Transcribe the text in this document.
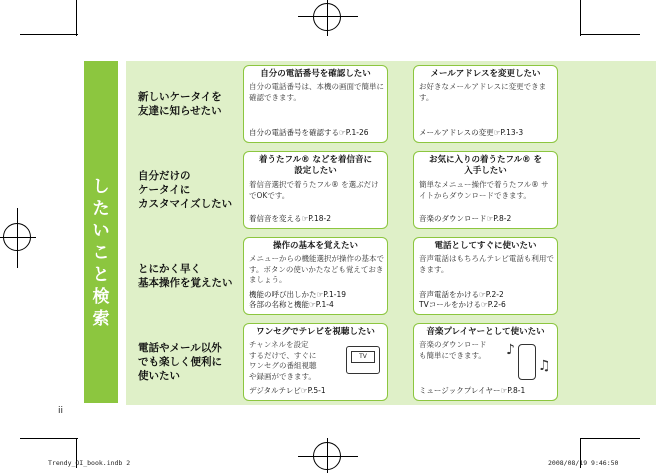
し
た
い
こ
と
検
索
新しいケータイを
友達に知らせたい
自分の電話番号を確認したい
自分の電話番号は、本機の画面で簡単に確認できます。
自分の電話番号を確認する☞P.1-26
メールアドレスを変更したい
お好きなメールアドレスに変更できます。
メールアドレスの変更☞P.13-3
自分だけの
ケータイに
カスタマイズしたい
着うたフル® などを着信音に
設定したい
着信音選択で着うたフル® を選ぶだけでOKです。
着信音を変える☞P.18-2
お気に入りの着うたフル® を
入手したい
簡単なメニュー操作で着うたフル® サイトからダウンロードできます。
音楽のダウンロード☞P.8-2
とにかく早く
基本操作を覚えたい
操作の基本を覚えたい
メニューからの機能選択が操作の基本です。ボタンの使いかたなども覚えておきましょう。
機能の呼び出しかた☞P.1-19
各部の名称と機能☞P.1-4
電話としてすぐに使いたい
音声電話はもちろんテレビ電話も利用できます。
音声電話をかける☞P.2-2
TVコールをかける☞P.2-6
電話やメール以外
でも楽しく便利に
使いたい
ワンセグでテレビを視聴したい
チャンネルを設定
するだけで、すぐに
ワンセグの番組視聴
や録画ができます。
TV
デジタルテレビ☞P.5-1
音楽プレイヤーとして使いたい
音楽のダウンロード
も簡単にできます。	♪
♫
ミュージックプレイヤー☞P.8-1
ii
Trendy_OI_book.indb 2	2008/08/19 9:46:50
